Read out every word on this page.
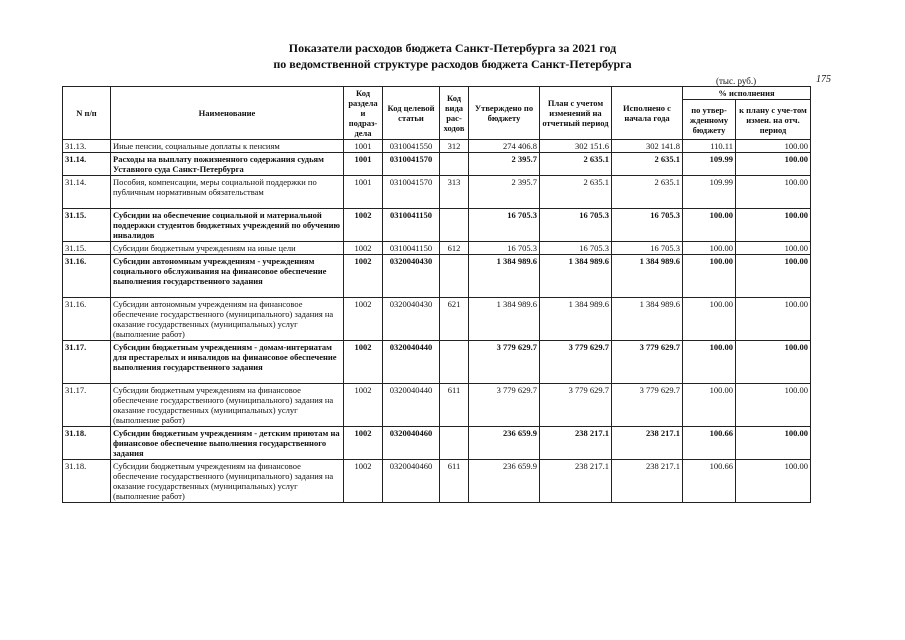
Показатели расходов бюджета Санкт-Петербурга за 2021 год
по ведомственной структуре расходов бюджета Санкт-Петербурга
(тыс. руб.)	175
N п/п	Наименование	Код раздела и подраз-дела	Код целевой статьи	Код вида рас-ходов	Утверждено по бюджету	План с учетом изменений на отчетный период	Исполнено с начала года	% исполнения	
								по утвер-жденному бюджету	к плану с уче-том измен. на отч. период
31.13.	Иные пенсии, социальные доплаты к пенсиям	1001	0310041550	312	274 406.8	302 151.6	302 141.8	110.11	100.00
31.14.	Расходы на выплату пожизненного содержания судьям Уставного суда Санкт-Петербурга	1001	0310041570		2 395.7	2 635.1	2 635.1	109.99	100.00
31.14.	Пособия, компенсации, меры социальной поддержки по публичным нормативным обязательствам	1001	0310041570	313	2 395.7	2 635.1	2 635.1	109.99	100.00
31.15.	Субсидии на обеспечение социальной и материальной поддержки студентов бюджетных учреждений по обучению инвалидов	1002	0310041150		16 705.3	16 705.3	16 705.3	100.00	100.00
31.15.	Субсидии бюджетным учреждениям на иные цели	1002	0310041150	612	16 705.3	16 705.3	16 705.3	100.00	100.00
31.16.	Субсидии автономным учреждениям - учреждениям социального обслуживания на финансовое обеспечение выполнения государственного задания	1002	0320040430		1 384 989.6	1 384 989.6	1 384 989.6	100.00	100.00
31.16.	Субсидии автономным учреждениям на финансовое обеспечение государственного (муниципального) задания на оказание государственных (муниципальных) услуг (выполнение работ)	1002	0320040430	621	1 384 989.6	1 384 989.6	1 384 989.6	100.00	100.00
31.17.	Субсидии бюджетным учреждениям - домам-интернатам для престарелых и инвалидов на финансовое обеспечение выполнения государственного задания	1002	0320040440		3 779 629.7	3 779 629.7	3 779 629.7	100.00	100.00
31.17.	Субсидии бюджетным учреждениям на финансовое обеспечение государственного (муниципального) задания на оказание государственных (муниципальных) услуг (выполнение работ)	1002	0320040440	611	3 779 629.7	3 779 629.7	3 779 629.7	100.00	100.00
31.18.	Субсидии бюджетным учреждениям - детским приютам на финансовое обеспечение выполнения государственного задания	1002	0320040460		236 659.9	238 217.1	238 217.1	100.66	100.00
31.18.	Субсидии бюджетным учреждениям на финансовое обеспечение государственного (муниципального) задания на оказание государственных (муниципальных) услуг (выполнение работ)	1002	0320040460	611	236 659.9	238 217.1	238 217.1	100.66	100.00
